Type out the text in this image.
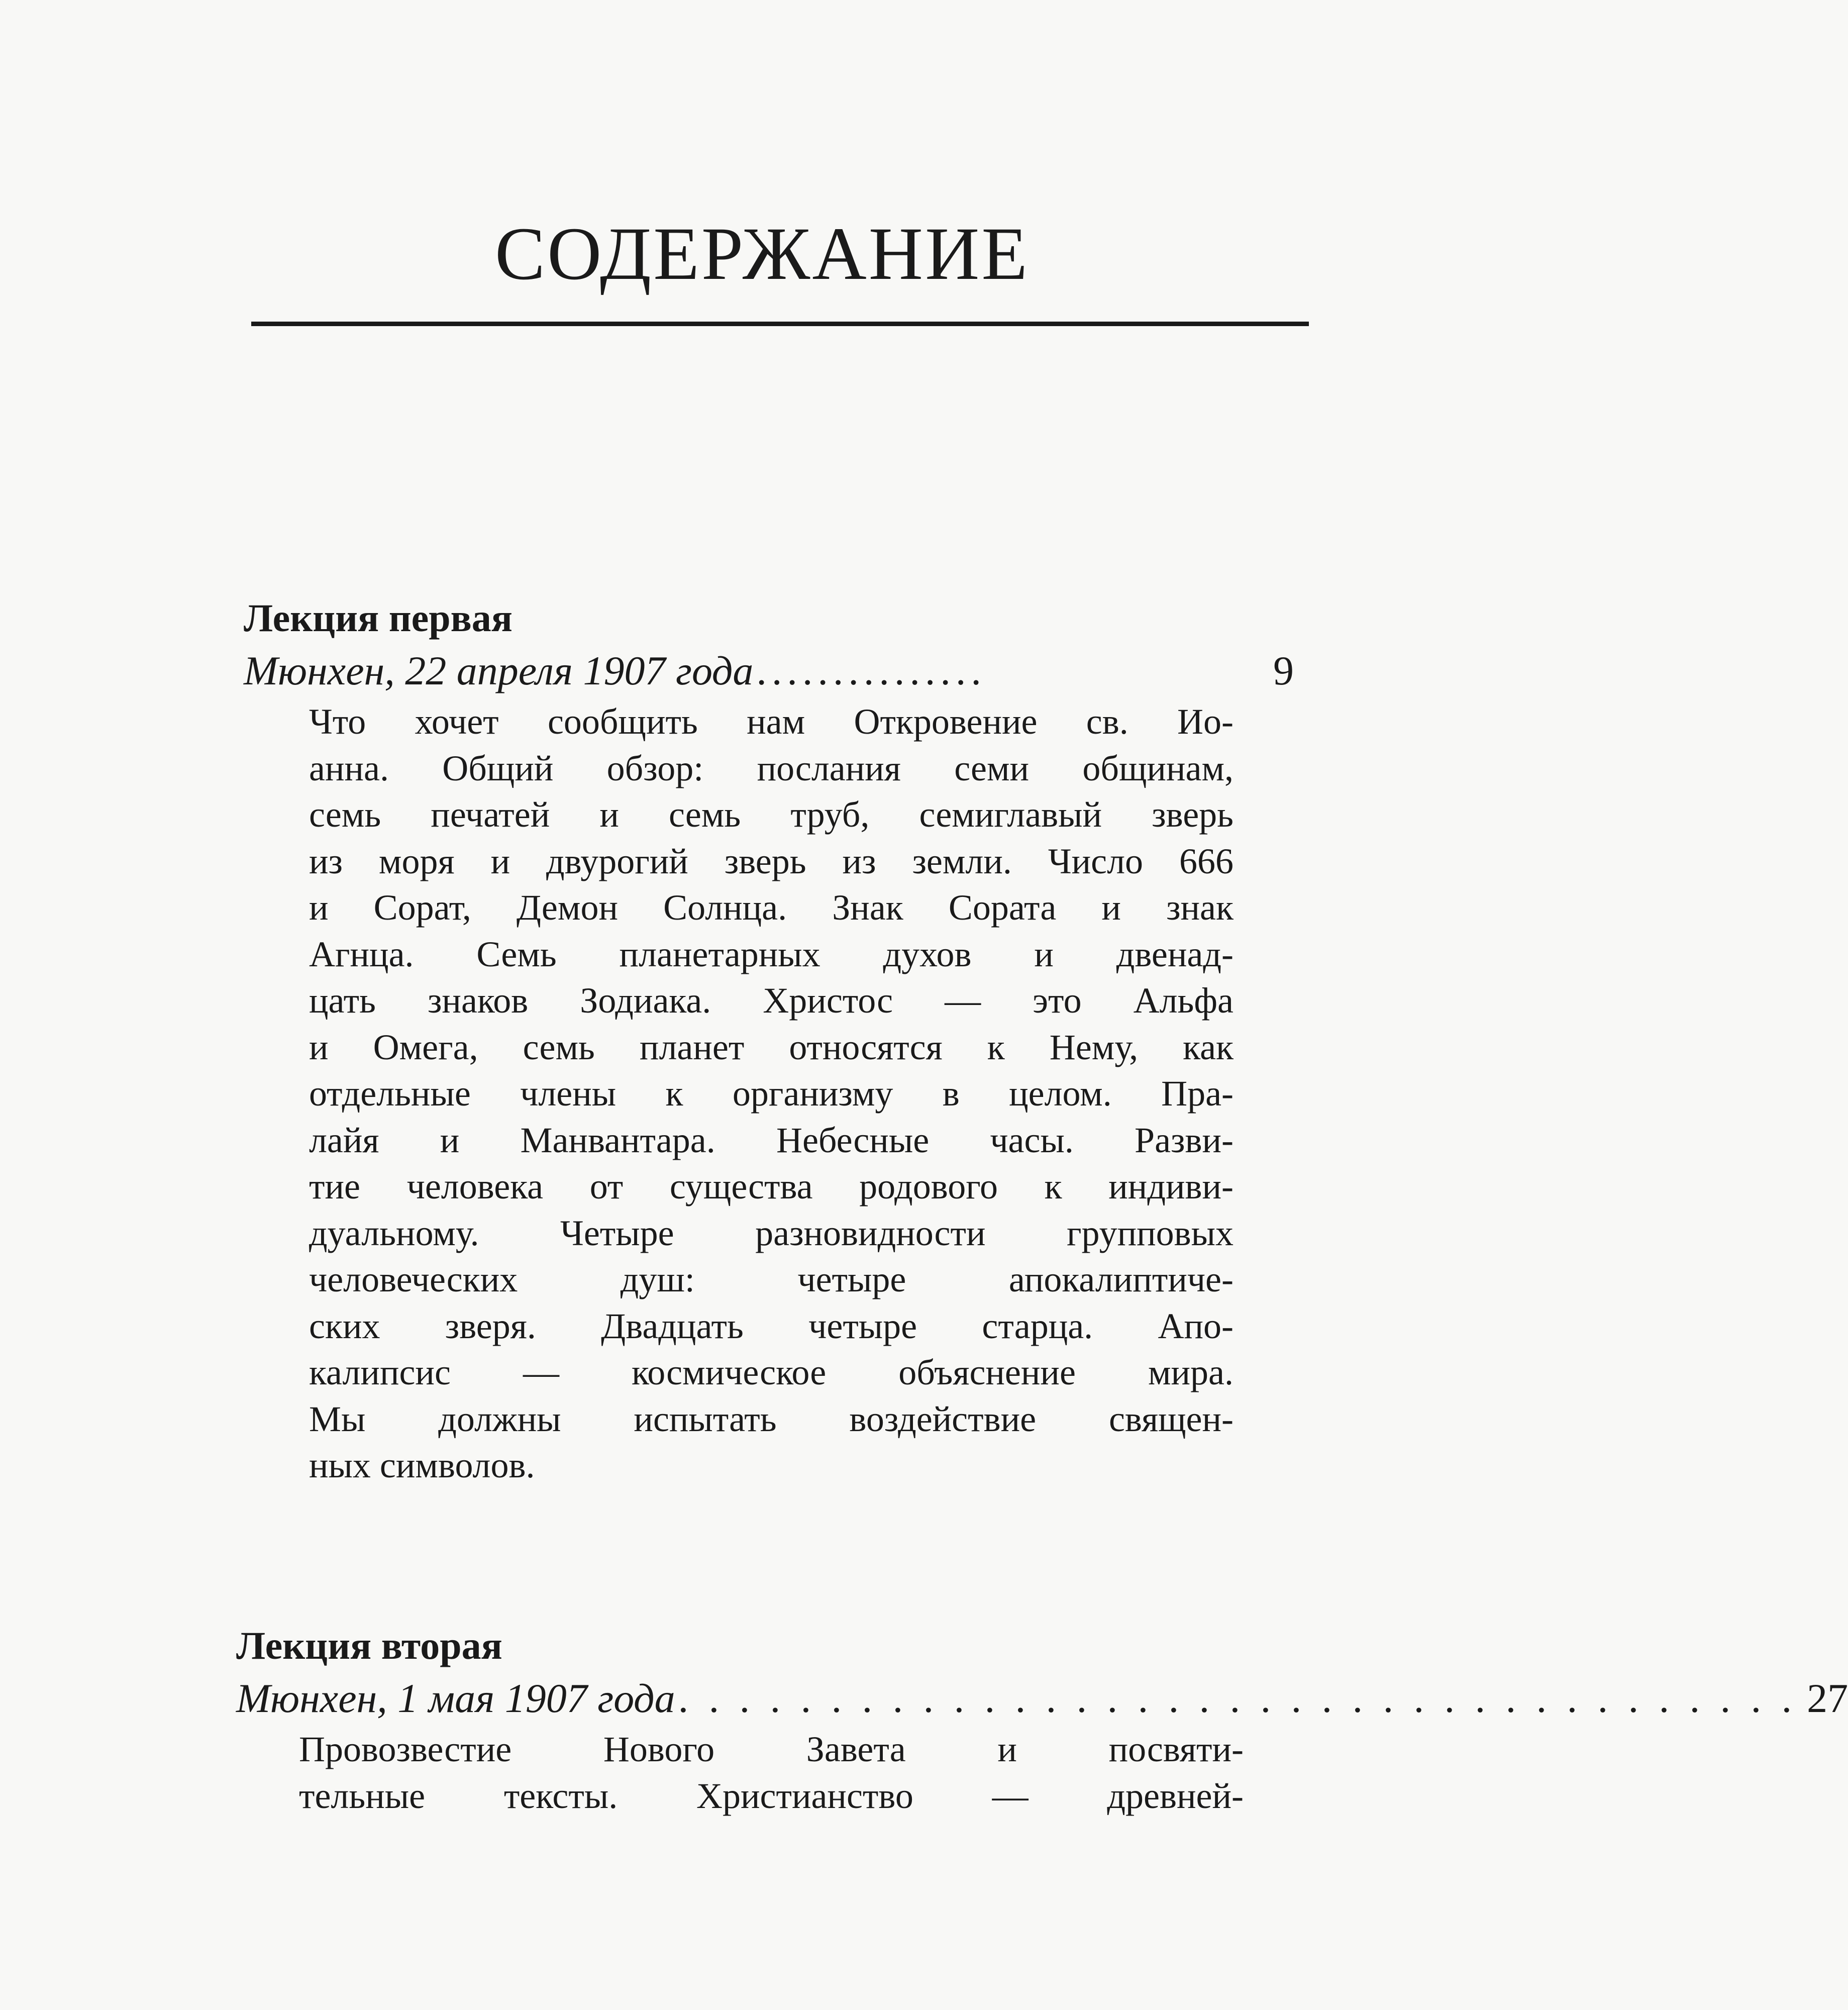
СОДЕРЖАНИЕ
Лекция первая
Мюнхен, 22 апреля 1907 года ...............	9
Что хочет сообщить нам Откровение св. Ио-
анна. Общий обзор: послания семи общинам,
семь печатей и семь труб, семиглавый зверь
из моря и двурогий зверь из земли. Число 666
и Сорат, Демон Солнца. Знак Сората и знак
Агнца. Семь планетарных духов и двенад-
цать знаков Зодиака. Христос — это Альфа
и Омега, семь планет относятся к Нему, как
отдельные члены к организму в целом. Пра-
лайя и Манвантара. Небесные часы. Разви-
тие человека от существа родового к индиви-
дуальному. Четыре разновидности групповых
человеческих душ: четыре апокалиптиче-
ских зверя. Двадцать четыре старца. Апо-
калипсис — космическое объяснение мира.
Мы должны испытать воздействие священ-
ных символов.
Лекция вторая
Мюнхен, 1 мая 1907 года . . . . . . . . . . . . . . . . . . . . . . . . . . . . . . . . . . . . . 27
Провозвестие Нового Завета и посвяти-
тельные тексты. Христианство — древней-
